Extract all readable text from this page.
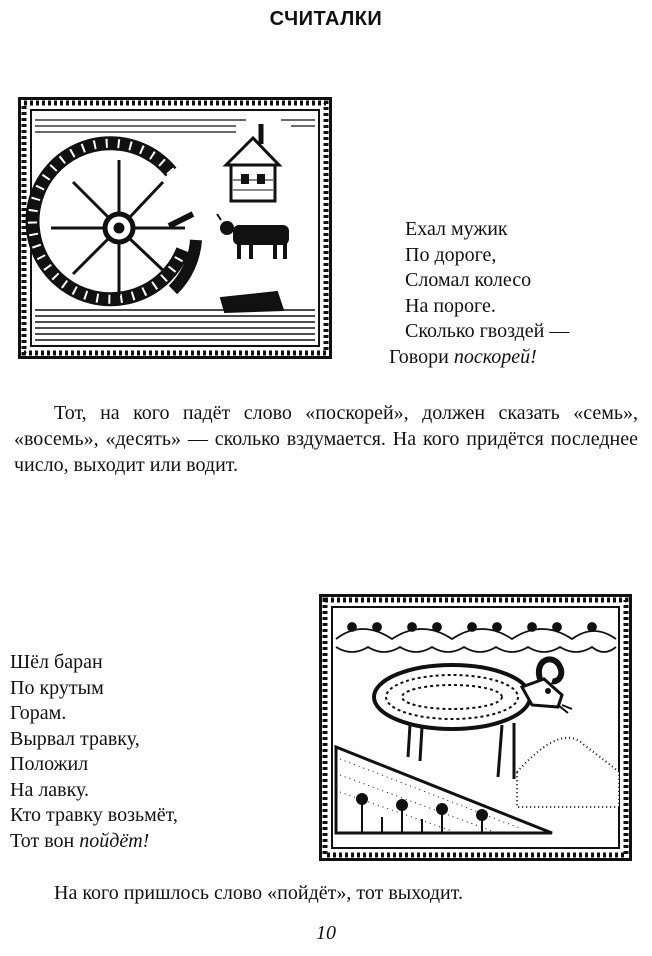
СЧИТАЛКИ
Ехал мужик
По дороге,
Сломал колесо
На пороге.
Сколько гвоздей —
Говори поскорей!
Тот, на кого падёт слово «поскорей», должен сказать «семь», «восемь», «десять» — сколько вздумается. На кого придётся последнее число, выходит или водит.
Шёл баран
По крутым
Горам.
Вырвал травку,
Положил
На лавку.
Кто травку возьмёт,
Тот вон пойдёт!
На кого пришлось слово «пойдёт», тот выходит.
10
